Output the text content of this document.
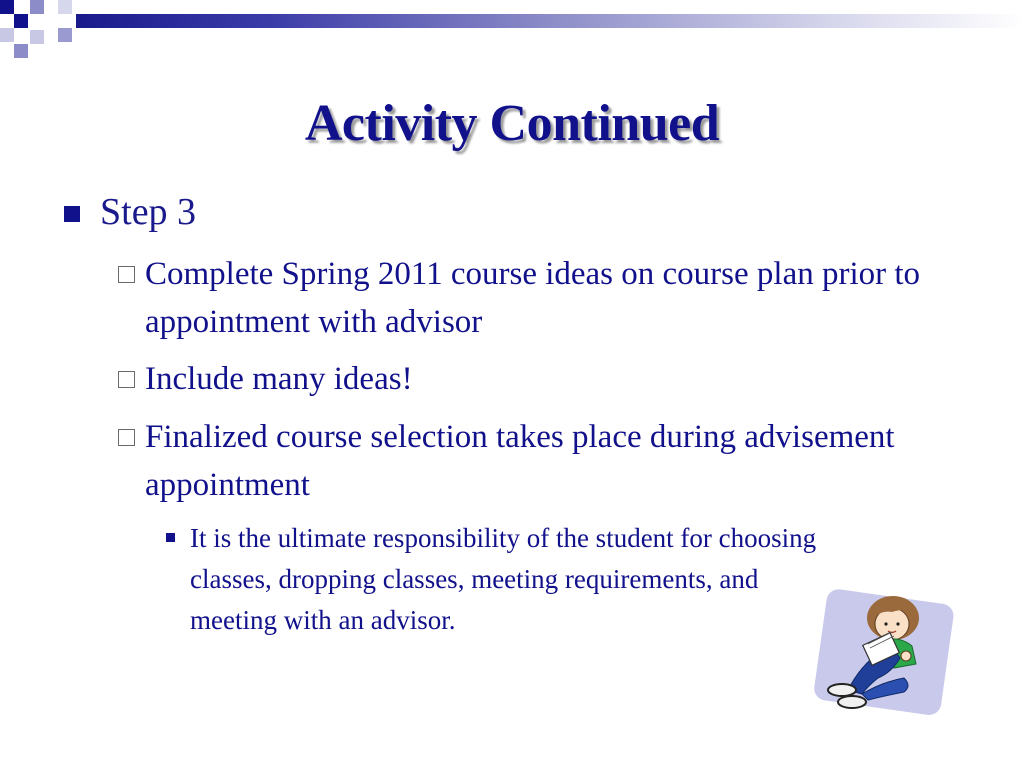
Activity Continued
Step 3
Complete Spring 2011 course ideas on course plan prior to appointment with advisor
Include many ideas!
Finalized course selection takes place during advisement appointment
It is the ultimate responsibility of the student for choosing classes, dropping classes, meeting requirements, and meeting with an advisor.
